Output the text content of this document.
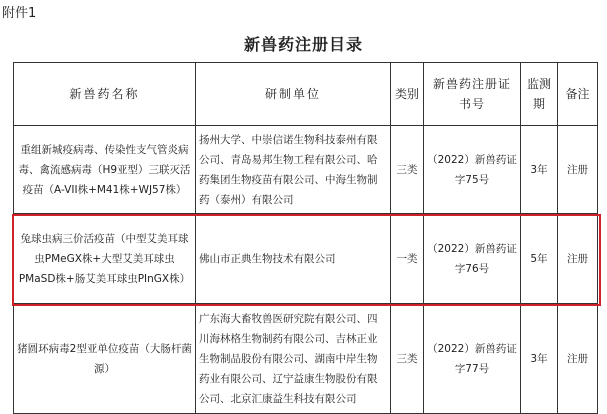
附件1
新兽药注册目录
新兽药名称	研制单位	类别	新兽药注册证书号	监测期	备注
重组新城疫病毒、传染性支气管炎病毒、禽流感病毒（H9亚型）三联灭活疫苗（A-VII株+M41株+WJ57株）	扬州大学、中崇信诺生物科技泰州有限公司、青岛易邦生物工程有限公司、哈药集团生物疫苗有限公司、中海生物制药（泰州）有限公司	三类	（2022）新兽药证字75号	3年	注册
兔球虫病三价活疫苗（中型艾美耳球虫PMeGX株+大型艾美耳球虫PMaSD株+肠艾美耳球虫PInGX株）	佛山市正典生物技术有限公司	一类	（2022）新兽药证字76号	5年	注册
猪圆环病毒2型亚单位疫苗（大肠杆菌源）	广东海大畜牧兽医研究院有限公司、四川海林格生物制药有限公司、吉林正业生物制品股份有限公司、湖南中岸生物药业有限公司、辽宁益康生物股份有限公司、北京汇康益生科技有限公司	三类	（2022）新兽药证字77号	3年	注册
